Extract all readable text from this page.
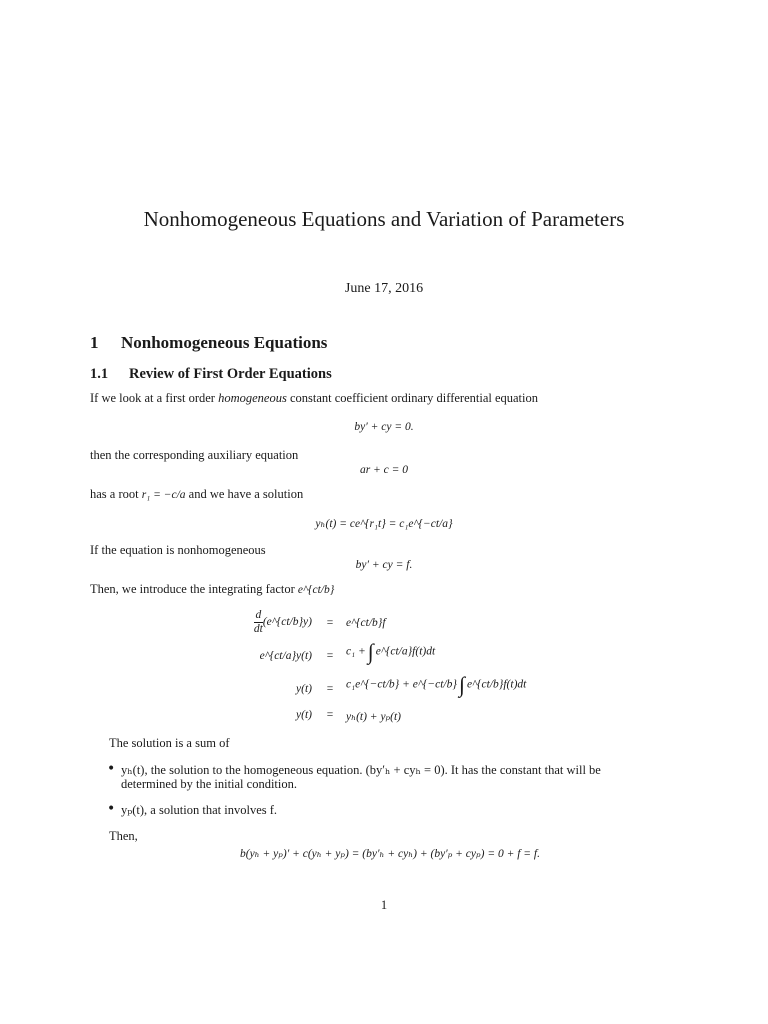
Nonhomogeneous Equations and Variation of Parameters
June 17, 2016
1 Nonhomogeneous Equations
1.1 Review of First Order Equations
If we look at a first order homogeneous constant coefficient ordinary differential equation
by′ + cy = 0.
then the corresponding auxiliary equation
ar + c = 0
has a root r₁ = −c/a and we have a solution
yₕ(t) = ce^{r₁t} = c₁e^{−ct/a}
If the equation is nonhomogeneous
by′ + cy = f.
Then, we introduce the integrating factor e^{ct/b}
$\frac{d}{dt}$ (e^{ct/b}y)	=	e^{ct/b}f
e^{ct/a}y(t)	=	c₁ +∫ e^{ct/a}f(t)dt
y(t)	=	c₁e^{−ct/b} + e^{−ct/b}∫ e^{ct/b}f(t)dt
y(t)	=	yₕ(t) + yₚ(t)
The solution is a sum of
• yₕ(t), the solution to the homogeneous equation. (by′ₕ + cyₕ = 0). It has the constant that will be
determined by the initial condition.
• yₚ(t), a solution that involves f.
Then,
b(yₕ + yₚ)′ + c(yₕ + yₚ) = (by′ₕ + cyₕ) + (by′ₚ + cyₚ) = 0 + f = f.
1
